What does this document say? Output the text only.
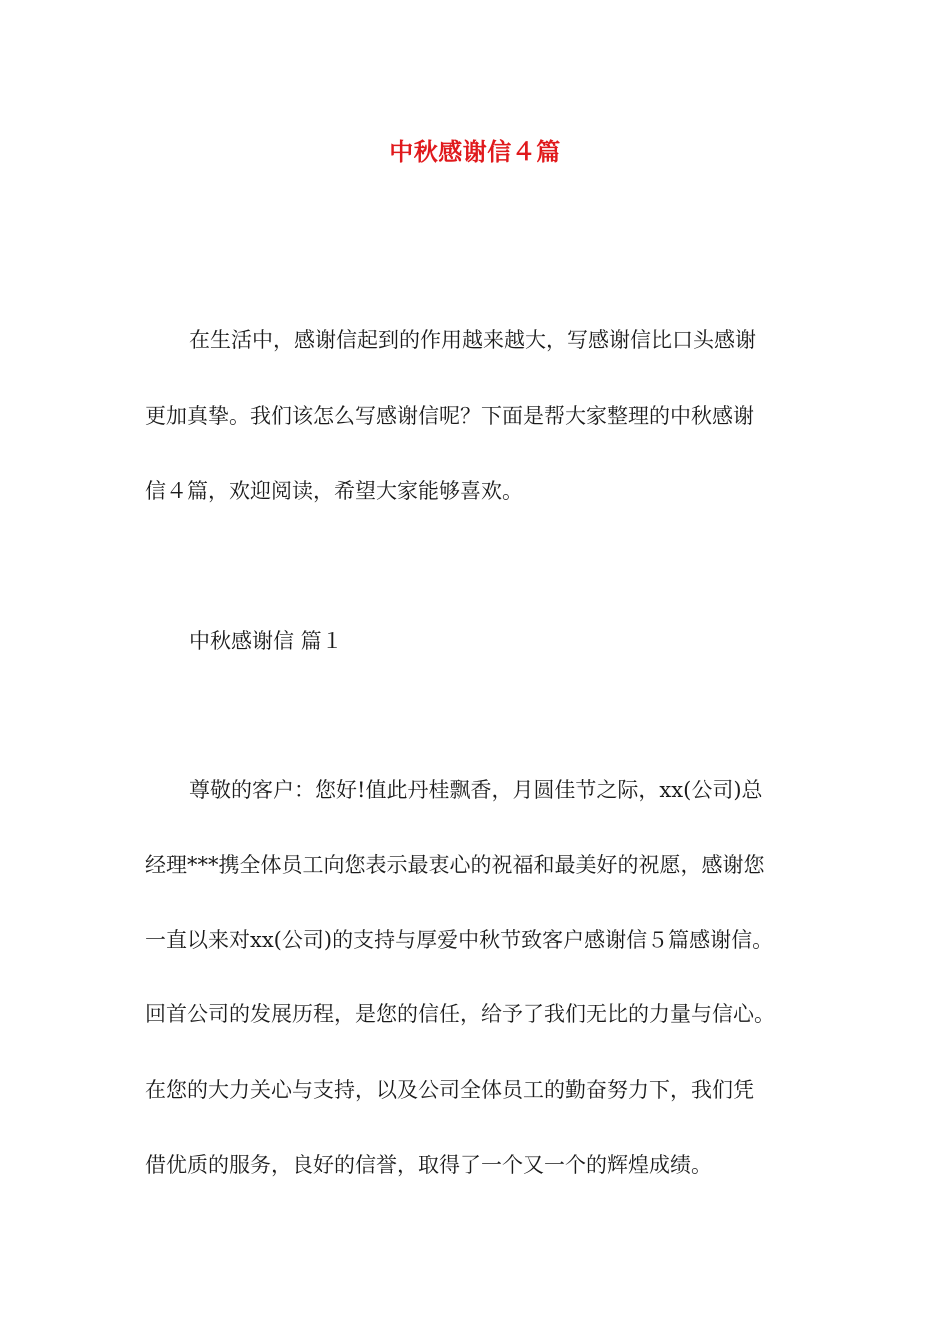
中秋感谢信４篇
在生活中，感谢信起到的作用越来越大，写感谢信比口头感谢
更加真挚。我们该怎么写感谢信呢？下面是帮大家整理的中秋感谢
信４篇，欢迎阅读，希望大家能够喜欢。
中秋感谢信 篇１
尊敬的客户：您好!值此丹桂飘香，月圆佳节之际，xx(公司)总
经理***携全体员工向您表示最衷心的祝福和最美好的祝愿，感谢您
一直以来对xx(公司)的支持与厚爱中秋节致客户感谢信５篇感谢信。
回首公司的发展历程，是您的信任，给予了我们无比的力量与信心。
在您的大力关心与支持，以及公司全体员工的勤奋努力下，我们凭
借优质的服务，良好的信誉，取得了一个又一个的辉煌成绩。
